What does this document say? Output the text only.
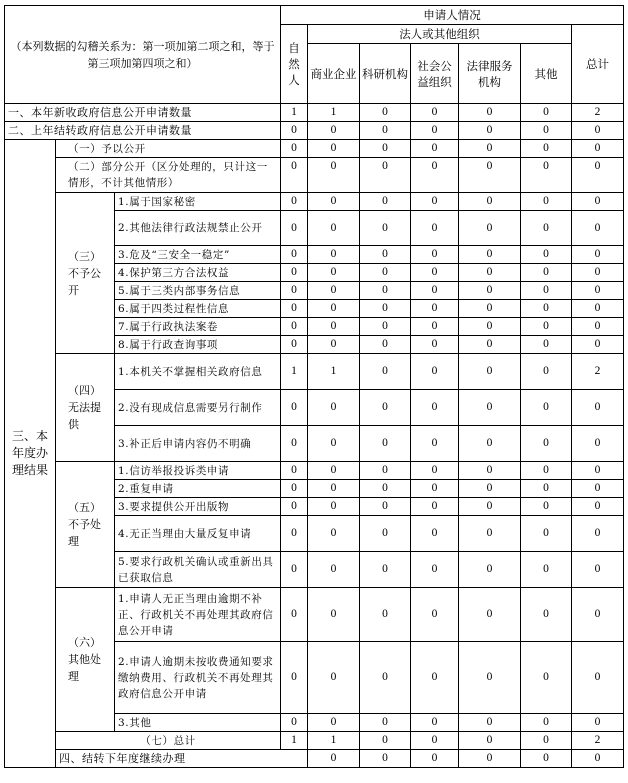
（本列数据的勾稽关系为：第一项加第二项之和，等于第三项加第四项之和）			申请人情况							
			自然人	法人或其他组织					总计	
				商业企业	科研机构	社会公益组织	法律服务机构	其他		

一、本年新收政府信息公开申请数量			1	1	0	0	0	0	2	
二、上年结转政府信息公开申请数量			0	0	0	0	0	0	0	
三、本年度办理结果	（一）予以公开		0	0	0	0	0	0	0	
	（二）部分公开（区分处理的，只计这一情形，不计其他情形）		0	0	0	0	0	0	0	
	（三）不予公开	1.属于国家秘密	0	0	0	0	0	0	0	
		2.其他法律行政法规禁止公开	0	0	0	0	0	0	0	
		3.危及“三安全一稳定”	0	0	0	0	0	0	0	
		4.保护第三方合法权益	0	0	0	0	0	0	0	
		5.属于三类内部事务信息	0	0	0	0	0	0	0	
		6.属于四类过程性信息	0	0	0	0	0	0	0	
		7.属于行政执法案卷	0	0	0	0	0	0	0	
		8.属于行政查询事项	0	0	0	0	0	0	0	
	（四）无法提供	1.本机关不掌握相关政府信息	1	1	0	0	0	0	2	
		2.没有现成信息需要另行制作	0	0	0	0	0	0	0	
		3.补正后申请内容仍不明确	0	0	0	0	0	0	0	
	（五）不予处理	1.信访举报投诉类申请	0	0	0	0	0	0	0	
		2.重复申请	0	0	0	0	0	0	0	
		3.要求提供公开出版物	0	0	0	0	0	0	0	
		4.无正当理由大量反复申请	0	0	0	0	0	0	0	
		5.要求行政机关确认或重新出具已获取信息	0	0	0	0	0	0	0	
	（六）其他处理	1.申请人无正当理由逾期不补正、行政机关不再处理其政府信息公开申请	0	0	0	0	0	0	0	
		2.申请人逾期未按收费通知要求缴纳费用、行政机关不再处理其政府信息公开申请	0	0	0	0	0	0	0	
		3.其他	0	0	0	0	0	0	0	
	（七）总计		1	1	0	0	0	0	2	
	四、结转下年度继续办理			0	0	0	0	0	0	
